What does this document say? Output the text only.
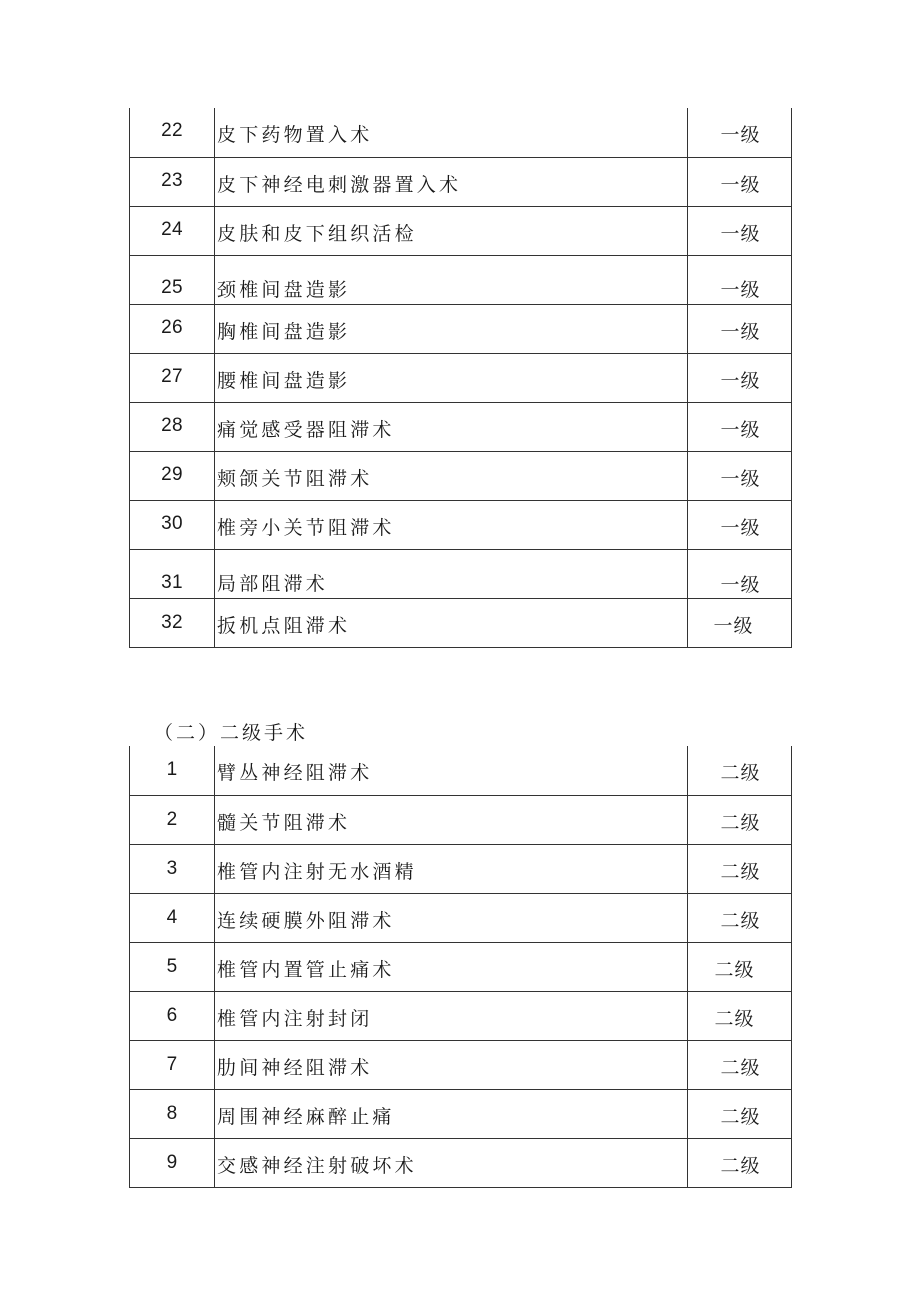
22	皮下药物置入术	一级
23	皮下神经电刺激器置入术	一级
24	皮肤和皮下组织活检	一级
25	颈椎间盘造影	一级
26	胸椎间盘造影	一级
27	腰椎间盘造影	一级
28	痛觉感受器阻滞术	一级
29	颊颌关节阻滞术	一级
30	椎旁小关节阻滞术	一级
31	局部阻滞术	一级
32	扳机点阻滞术	一级
（二）二级手术
1	臂丛神经阻滞术	二级
2	髓关节阻滞术	二级
3	椎管内注射无水酒精	二级
4	连续硬膜外阻滞术	二级
5	椎管内置管止痛术	二级
6	椎管内注射封闭	二级
7	肋间神经阻滞术	二级
8	周围神经麻醉止痛	二级
9	交感神经注射破坏术	二级
